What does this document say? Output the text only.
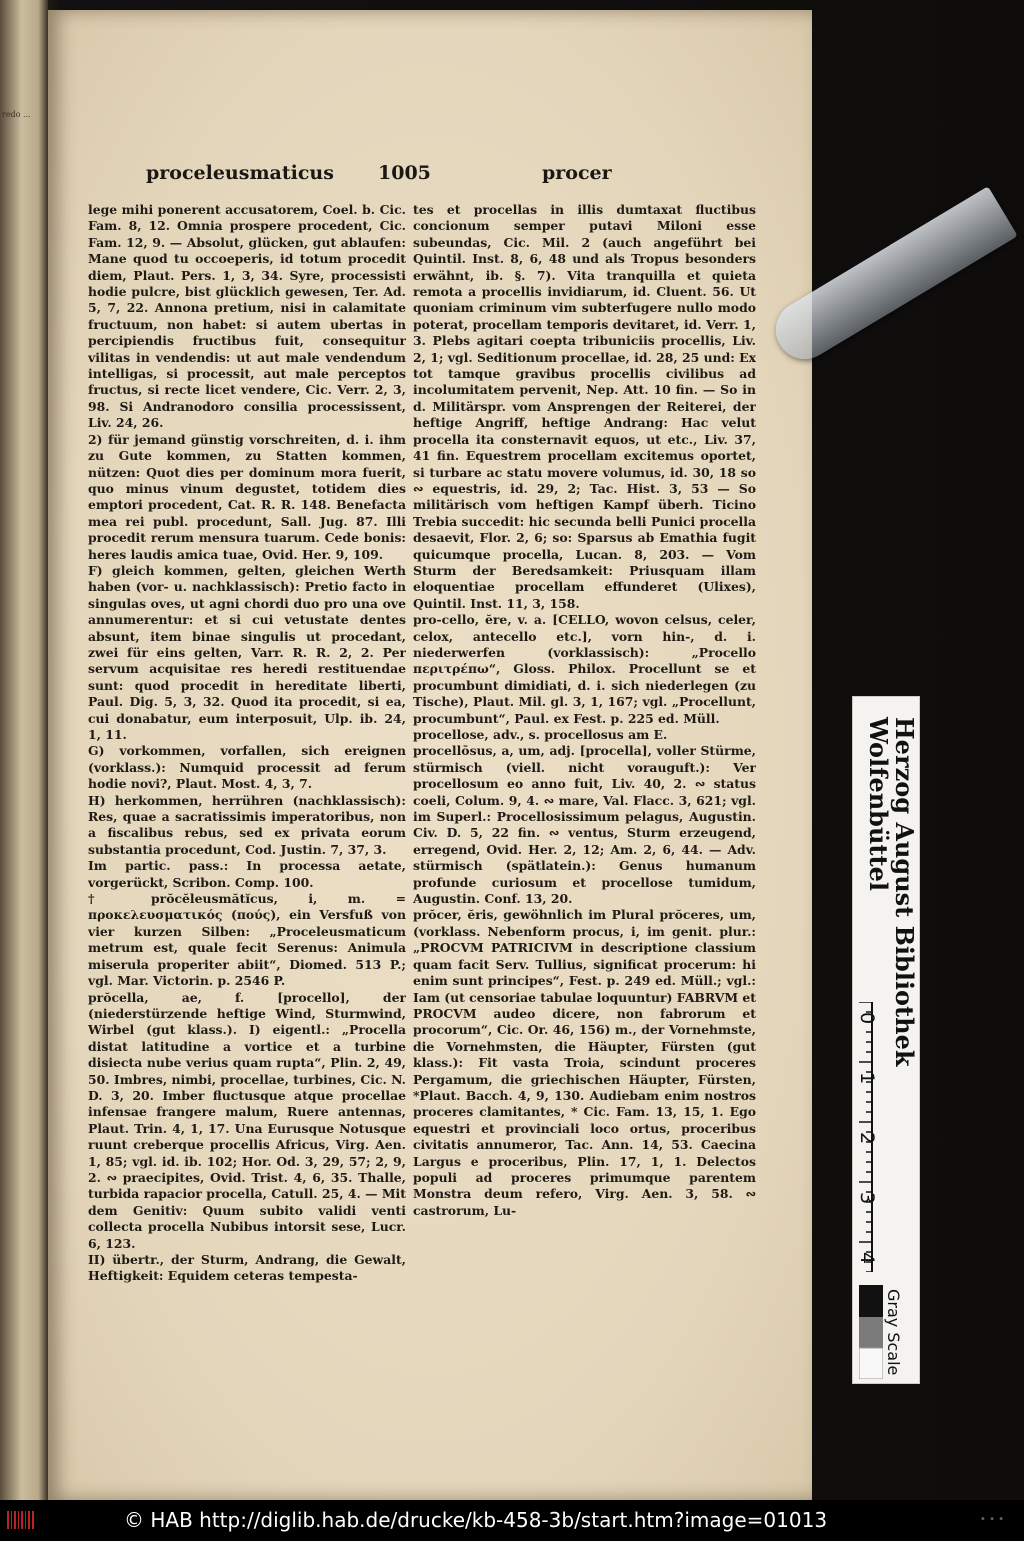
redo ...
proceleusmaticus 1005	procer

lege mihi ponerent accusatorem, Coel. b. Cic. Fam. 8, 12. Omnia prospere procedent, Cic. Fam. 12, 9. — Absolut, glücken, gut ablaufen: Mane quod tu occoeperis, id totum procedit diem, Plaut. Pers. 1, 3, 34. Syre, processisti hodie pulcre, bist glücklich gewesen, Ter. Ad. 5, 7, 22. Annona pretium, nisi in calamitate fructuum, non habet: si autem ubertas in percipiendis fructibus fuit, consequitur vilitas in vendendis: ut aut male vendendum intelligas, si processit, aut male perceptos fructus, si recte licet vendere, Cic. Verr. 2, 3, 98. Si Andranodoro consilia processissent, Liv. 24, 26.

2) für jemand günstig vorschreiten, d. i. ihm zu Gute kommen, zu Statten kommen, nützen: Quot dies per dominum mora fuerit, quo minus vinum degustet, totidem dies emptori procedent, Cat. R. R. 148. Benefacta mea rei publ. procedunt, Sall. Jug. 87. Illi procedit rerum mensura tuarum. Cede bonis: heres laudis amica tuae, Ovid. Her. 9, 109.

F) gleich kommen, gelten, gleichen Werth haben (vor- u. nachklassisch): Pretio facto in singulas oves, ut agni chordi duo pro una ove annumerentur: et si cui vetustate dentes absunt, item binae singulis ut procedant, zwei für eins gelten, Varr. R. R. 2, 2. Per servum acquisitae res heredi restituendae sunt: quod procedit in hereditate liberti, Paul. Dig. 5, 3, 32. Quod ita procedit, si ea, cui donabatur, eum interposuit, Ulp. ib. 24, 1, 11.

G) vorkommen, vorfallen, sich ereignen (vorklass.): Numquid processit ad ferum hodie novi?, Plaut. Most. 4, 3, 7.

H) herkommen, herrühren (nachklassisch): Res, quae a sacratissimis imperatoribus, non a fiscalibus rebus, sed ex privata eorum substantia procedunt, Cod. Justin. 7, 37, 3.

Im partic. pass.: In processa aetate, vorgerückt, Scribon. Comp. 100.

† prŏcĕleusmătĭcus, i, m. = προκελευσματικός (πούς), ein Versfuß von vier kurzen Silben: „Proceleusmaticum metrum est, quale fecit Serenus: Animula miserula properiter abiit“, Diomed. 513 P.; vgl. Mar. Victorin. p. 2546 P.

prŏcella, ae, f. [procello], der (niederstürzende heftige Wind, Sturmwind, Wirbel (gut klass.). I) eigentl.: „Procella distat latitudine a vortice et a turbine disiecta nube verius quam rupta“, Plin. 2, 49, 50. Imbres, nimbi, procellae, turbines, Cic. N. D. 3, 20. Imber fluctusque atque procellae infensae frangere malum, Ruere antennas, Plaut. Trin. 4, 1, 17. Una Eurusque Notusque ruunt creberque procellis Africus, Virg. Aen. 1, 85; vgl. id. ib. 102; Hor. Od. 3, 29, 57; 2, 9, 2. ∾ praecipites, Ovid. Trist. 4, 6, 35. Thalle, turbida rapacior procella, Catull. 25, 4. — Mit dem Genitiv: Quum subito validi venti collecta procella Nubibus intorsit sese, Lucr. 6, 123.

II) übertr., der Sturm, Andrang, die Gewalt, Heftigkeit: Equidem ceteras tempesta-

tes et procellas in illis dumtaxat fluctibus concionum semper putavi Miloni esse subeundas, Cic. Mil. 2 (auch angeführt bei Quintil. Inst. 8, 6, 48 und als Tropus besonders erwähnt, ib. §. 7). Vita tranquilla et quieta remota a procellis invidiarum, id. Cluent. 56. Ut quoniam criminum vim subterfugere nullo modo poterat, procellam temporis devitaret, id. Verr. 1, 3. Plebs agitari coepta tribuniciis procellis, Liv. 2, 1; vgl. Seditionum procellae, id. 28, 25 und: Ex tot tamque gravibus procellis civilibus ad incolumitatem pervenit, Nep. Att. 10 fin. — So in d. Militärspr. vom Ansprengen der Reiterei, der heftige Angriff, heftige Andrang: Hac velut procella ita consternavit equos, ut etc., Liv. 37, 41 fin. Equestrem procellam excitemus oportet, si turbare ac statu movere volumus, id. 30, 18 so ∾ equestris, id. 29, 2; Tac. Hist. 3, 53 — So militärisch vom heftigen Kampf überh. Ticino Trebia succedit: hic secunda belli Punici procella desaevit, Flor. 2, 6; so: Sparsus ab Emathia fugit quicumque procella, Lucan. 8, 203. — Vom Sturm der Beredsamkeit: Priusquam illam eloquentiae procellam effunderet (Ulixes), Quintil. Inst. 11, 3, 158.

pro-cello, ĕre, v. a. [CELLO, wovon celsus, celer, celox, antecello etc.], vorn hin-, d. i. niederwerfen (vorklassisch): „Procello περιτρέπω“, Gloss. Philox. Procellunt se et procumbunt dimidiati, d. i. sich niederlegen (zu Tische), Plaut. Mil. gl. 3, 1, 167; vgl. „Procellunt, procumbunt“, Paul. ex Fest. p. 225 ed. Müll.

procellose, adv., s. procellosus am E.

procellōsus, a, um, adj. [procella], voller Stürme, stürmisch (viell. nicht vorauguft.): Ver procellosum eo anno fuit, Liv. 40, 2. ∾ status coeli, Colum. 9, 4. ∾ mare, Val. Flacc. 3, 621; vgl. im Superl.: Procellosissimum pelagus, Augustin. Civ. D. 5, 22 fin. ∾ ventus, Sturm erzeugend, erregend, Ovid. Her. 2, 12; Am. 2, 6, 44. — Adv. stürmisch (spätlatein.): Genus humanum profunde curiosum et procellose tumidum, Augustin. Conf. 13, 20.

prŏcer, ĕris, gewöhnlich im Plural prŏceres, um, (vorklass. Nebenform procus, i, im genit. plur.: „PROCVM PATRICIVM in descriptione classium quam facit Serv. Tullius, significat procerum: hi enim sunt principes“, Fest. p. 249 ed. Müll.; vgl.: Iam (ut censoriae tabulae loquuntur) FABRVM et PROCVM audeo dicere, non fabrorum et procorum“, Cic. Or. 46, 156) m., der Vornehmste, die Vornehmsten, die Häupter, Fürsten (gut klass.): Fit vasta Troia, scindunt proceres Pergamum, die griechischen Häupter, Fürsten, *Plaut. Bacch. 4, 9, 130. Audiebam enim nostros proceres clamitantes, * Cic. Fam. 13, 15, 1. Ego equestri et provinciali loco ortus, proceribus civitatis annumeror, Tac. Ann. 14, 53. Caecina Largus e proceribus, Plin. 17, 1, 1. Delectos populi ad proceres primumque parentem Monstra deum refero, Virg. Aen. 3, 58. ∾ castrorum, Lu-

Herzog August Bibliothek
Wolfenbüttel
0
1
2
3
4
Gray Scale
© HAB http://diglib.hab.de/drucke/kb-458-3b/start.htm?image=01013	• • •
